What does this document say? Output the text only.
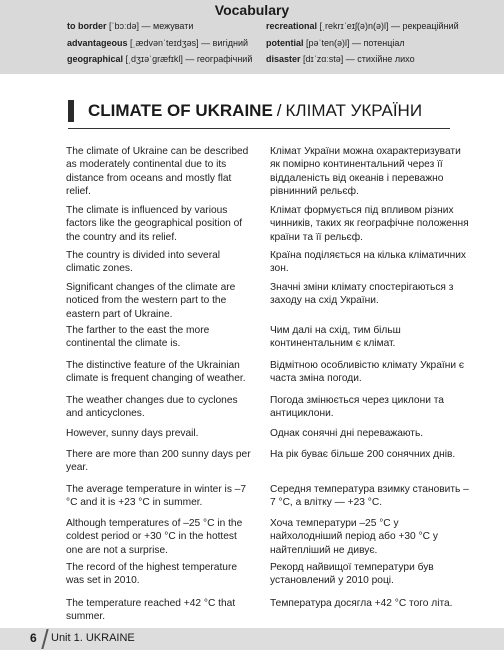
Vocabulary
to border [ˈbɔːdə] — межувати
advantageous [ˌædvənˈteɪdʒəs] — вигідний
geographical [ˌdʒɪəˈgræfɪkl] — географічний
recreational [ˌrekrɪˈeɪʃ(ə)n(ə)l] — рекреаційний
potential [pəˈten(ə)l] — потенціал
disaster [dɪˈzɑːstə] — стихійне лихо
CLIMATE OF UKRAINE / КЛІМАТ УКРАЇНИ
The climate of Ukraine can be described as moderately continental due to its distance from oceans and mostly flat relief.
The climate is influenced by various factors like the geographical position of the country and its relief.
The country is divided into several climatic zones.
Significant changes of the climate are noticed from the western part to the eastern part of Ukraine.
The farther to the east the more continental the climate is.
The distinctive feature of the Ukrainian climate is frequent changing of weather.
The weather changes due to cyclones and anticyclones.
However, sunny days prevail.
There are more than 200 sunny days per year.
The average temperature in winter is –7 °C and it is +23 °C in summer.
Although temperatures of –25 °C in the coldest period or +30 °C in the hottest one are not a surprise.
The record of the highest temperature was set in 2010.
The temperature reached +42 °C that summer.
Клімат України можна охарактеризувати як помірно континентальний через її віддаленість від океанів і переважно рівнинний рельєф.
Клімат формується під впливом різних чинників, таких як географічне положення країни та її рельєф.
Країна поділяється на кілька кліматичних зон.
Значні зміни клімату спостерігаються з заходу на схід України.
Чим далі на схід, тим більш континентальним є клімат.
Відмітною особливістю клімату України є часта зміна погоди.
Погода змінюється через циклони та антициклони.
Однак сонячні дні переважають.
На рік буває більше 200 сонячних днів.
Середня температура взимку становить –7 °C, а влітку — +23 °C.
Хоча температури –25 °C у найхолодніший період або +30 °C у найтепліший не дивує.
Рекорд найвищої температури був установлений у 2010 році.
Температура досягла +42 °C того літа.
6 Unit 1. UKRAINE
